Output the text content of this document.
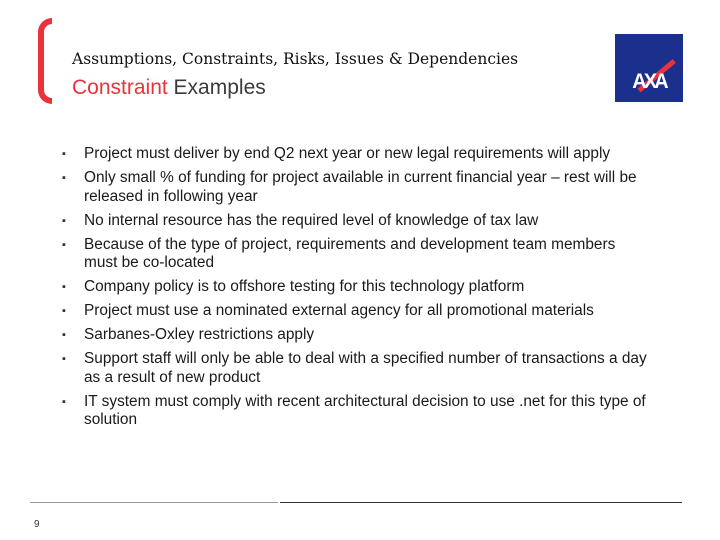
Assumptions, Constraints, Risks, Issues & Dependencies
Constraint Examples	AXA
▪ Project must deliver by end Q2 next year or new legal requirements will apply
▪ Only small % of funding for project available in current financial year – rest will be released in following year
▪ No internal resource has the required level of knowledge of tax law
▪ Because of the type of project, requirements and development team members must be co-located
▪ Company policy is to offshore testing for this technology platform
▪ Project must use a nominated external agency for all promotional materials
▪ Sarbanes-Oxley restrictions apply
▪ Support staff will only be able to deal with a specified number of transactions a day as a result of new product
▪ IT system must comply with recent architectural decision to use .net for this type of solution
9
